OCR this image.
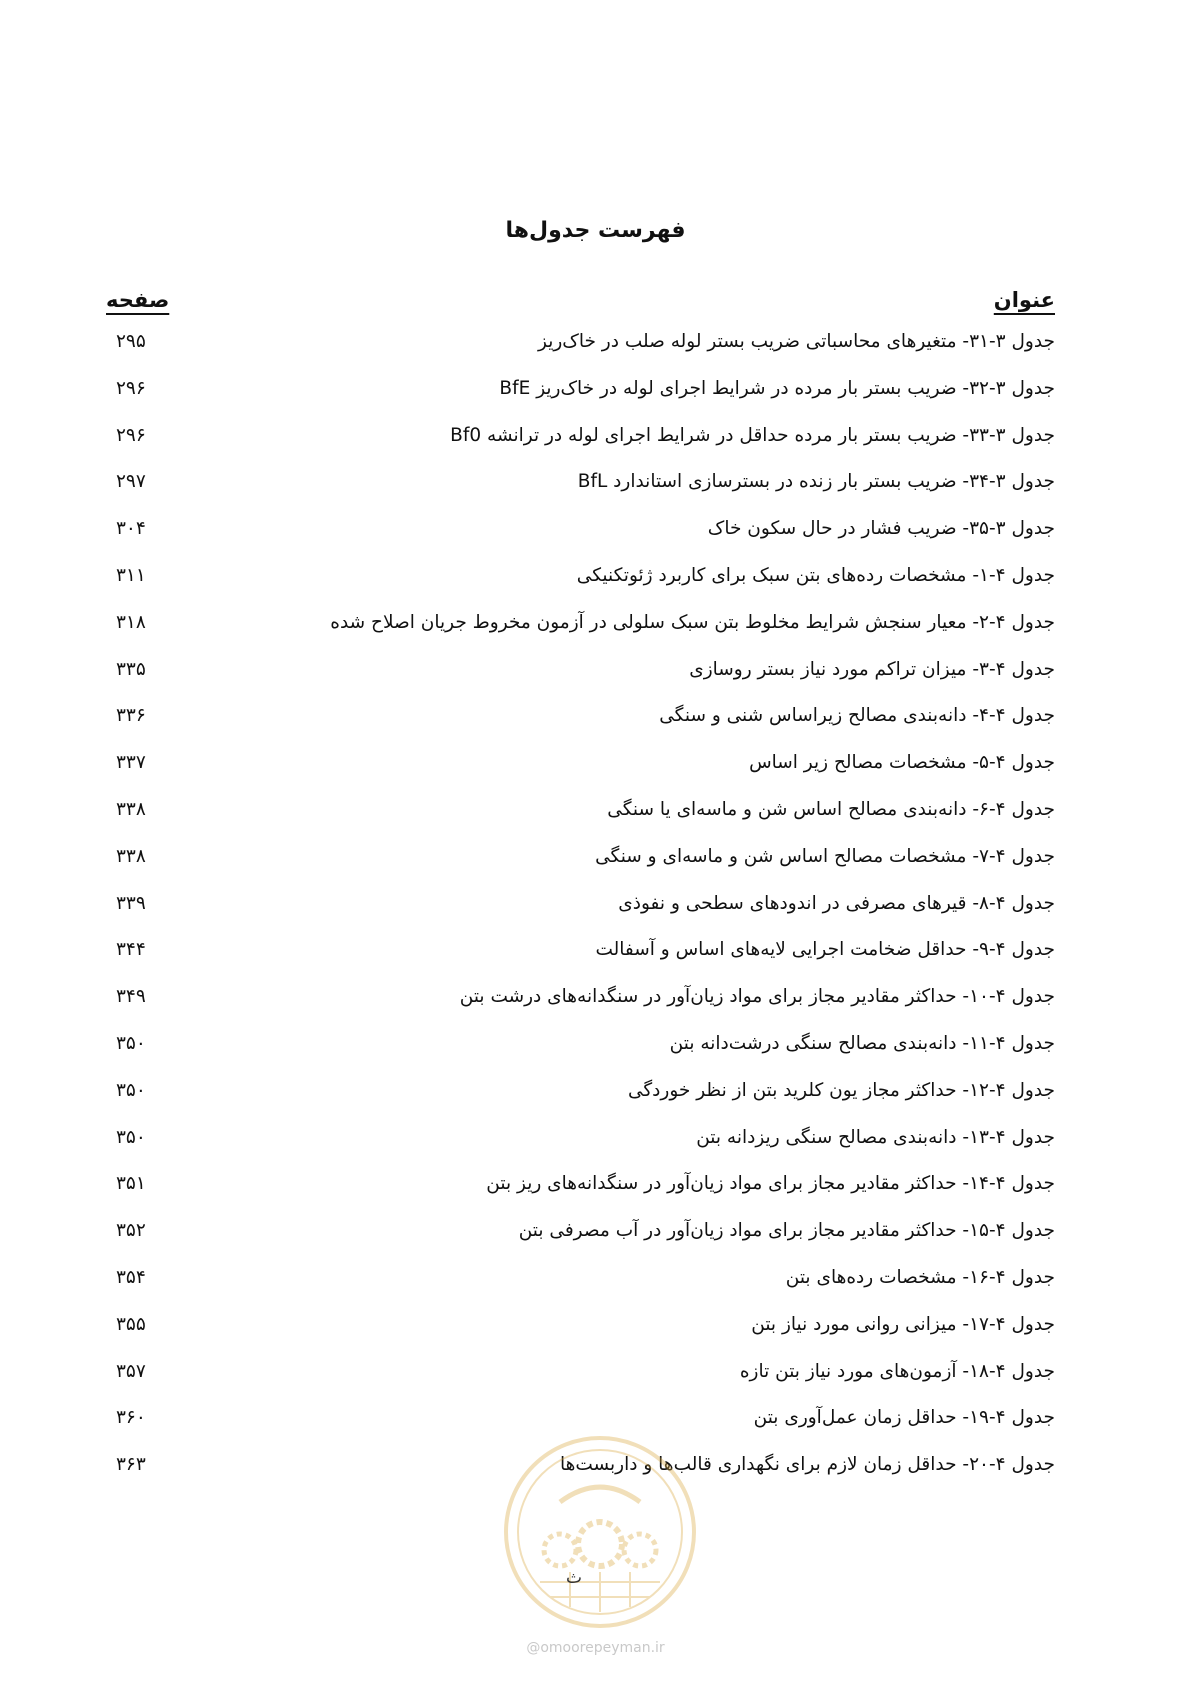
فهرست جدول‌ها
عنوان
صفحه
جدول ۳-۳۱- متغیرهای محاسباتی ضریب بستر لوله صلب در خاک‌ریز
۲۹۵
جدول ۳-۳۲- ضریب بستر بار مرده در شرایط اجرای لوله در خاک‌ریز BfE
۲۹۶
جدول ۳-۳۳- ضریب بستر بار مرده حداقل در شرایط اجرای لوله در ترانشه Bf0
۲۹۶
جدول ۳-۳۴- ضریب بستر بار زنده در بسترسازی استاندارد BfL
۲۹۷
جدول ۳-۳۵- ضریب فشار در حال سکون خاک
۳۰۴
جدول ۴-۱- مشخصات رده‌های بتن سبک برای کاربرد ژئوتکنیکی
۳۱۱
جدول ۴-۲- معیار سنجش شرایط مخلوط بتن سبک سلولی در آزمون مخروط جریان اصلاح شده
۳۱۸
جدول ۴-۳- میزان تراکم مورد نیاز بستر روسازی
۳۳۵
جدول ۴-۴- دانه‌بندی مصالح زیراساس شنی و سنگی
۳۳۶
جدول ۴-۵- مشخصات مصالح زیر اساس
۳۳۷
جدول ۴-۶- دانه‌بندی مصالح اساس شن و ماسه‌ای یا سنگی
۳۳۸
جدول ۴-۷- مشخصات مصالح اساس شن و ماسه‌ای و سنگی
۳۳۸
جدول ۴-۸- قیرهای مصرفی در اندودهای سطحی و نفوذی
۳۳۹
جدول ۴-۹- حداقل ضخامت اجرایی لایه‌های اساس و آسفالت
۳۴۴
جدول ۴-۱۰- حداکثر مقادیر مجاز برای مواد زیان‌آور در سنگدانه‌های درشت بتن
۳۴۹
جدول ۴-۱۱- دانه‌بندی مصالح سنگی درشت‌دانه بتن
۳۵۰
جدول ۴-۱۲- حداکثر مجاز یون کلرید بتن از نظر خوردگی
۳۵۰
جدول ۴-۱۳- دانه‌بندی مصالح سنگی ریزدانه بتن
۳۵۰
جدول ۴-۱۴- حداکثر مقادیر مجاز برای مواد زیان‌آور در سنگدانه‌های ریز بتن
۳۵۱
جدول ۴-۱۵- حداکثر مقادیر مجاز برای مواد زیان‌آور در آب مصرفی بتن
۳۵۲
جدول ۴-۱۶- مشخصات رده‌های بتن
۳۵۴
جدول ۴-۱۷- میزانی روانی مورد نیاز بتن
۳۵۵
جدول ۴-۱۸- آزمون‌های مورد نیاز بتن تازه
۳۵۷
جدول ۴-۱۹- حداقل زمان عمل‌آوری بتن
۳۶۰
جدول ۴-۲۰- حداقل زمان لازم برای نگهداری قالب‌ها و داربست‌ها
۳۶۳
ث
@omoorepeyman.ir
